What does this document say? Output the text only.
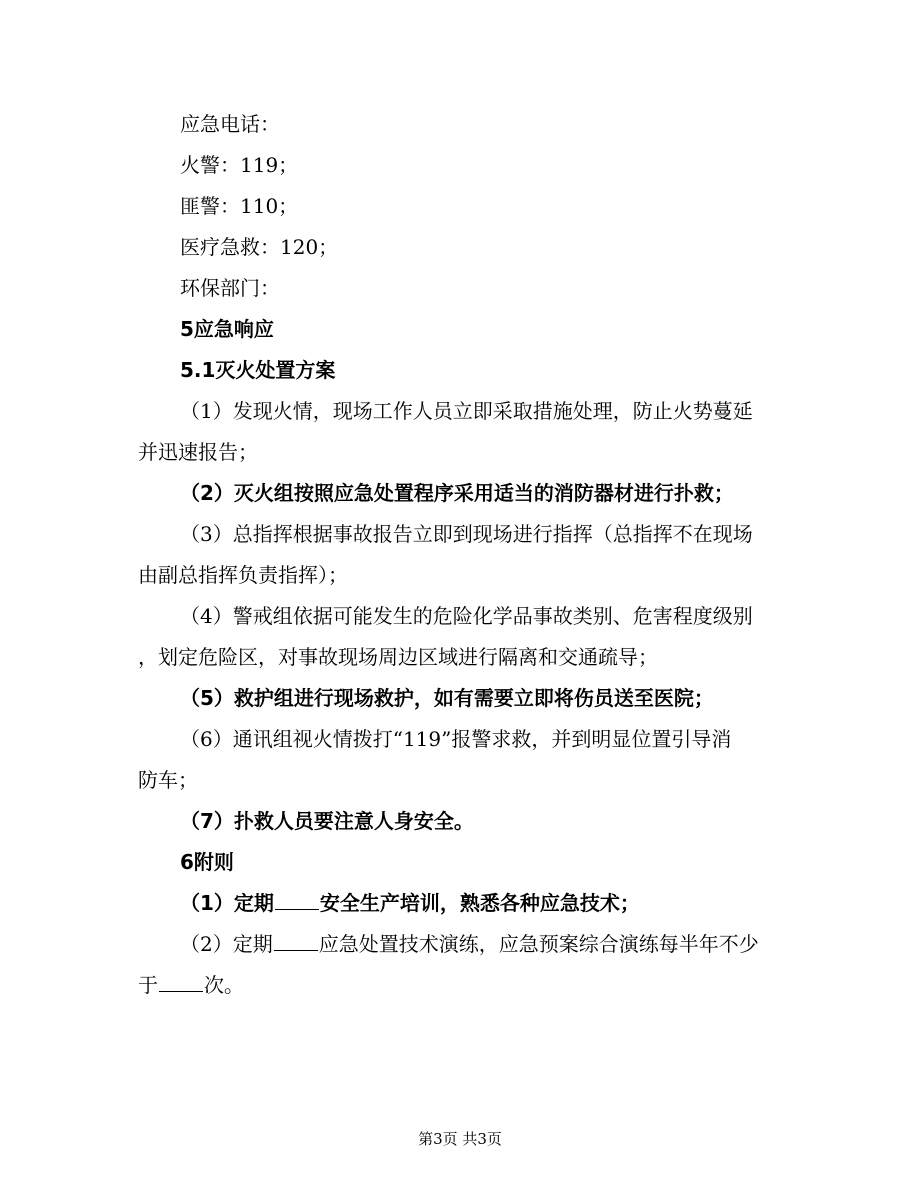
应急电话：
火警：119；
匪警：110；
医疗急救：120；
环保部门：
5应急响应
5.1灭火处置方案
（1）发现火情，现场工作人员立即采取措施处理，防止火势蔓延
并迅速报告；
（2）灭火组按照应急处置程序采用适当的消防器材进行扑救；
（3）总指挥根据事故报告立即到现场进行指挥（总指挥不在现场
由副总指挥负责指挥）；
（4）警戒组依据可能发生的危险化学品事故类别、危害程度级别
，划定危险区，对事故现场周边区域进行隔离和交通疏导；
（5）救护组进行现场救护，如有需要立即将伤员送至医院；
（6）通讯组视火情拨打“119”报警求救，并到明显位置引导消
防车；
（7）扑救人员要注意人身安全。
6附则
（1）定期 安全生产培训，熟悉各种应急技术；
（2）定期 应急处置技术演练，应急预案综合演练每半年不少
于 次。
第3页 共3页
